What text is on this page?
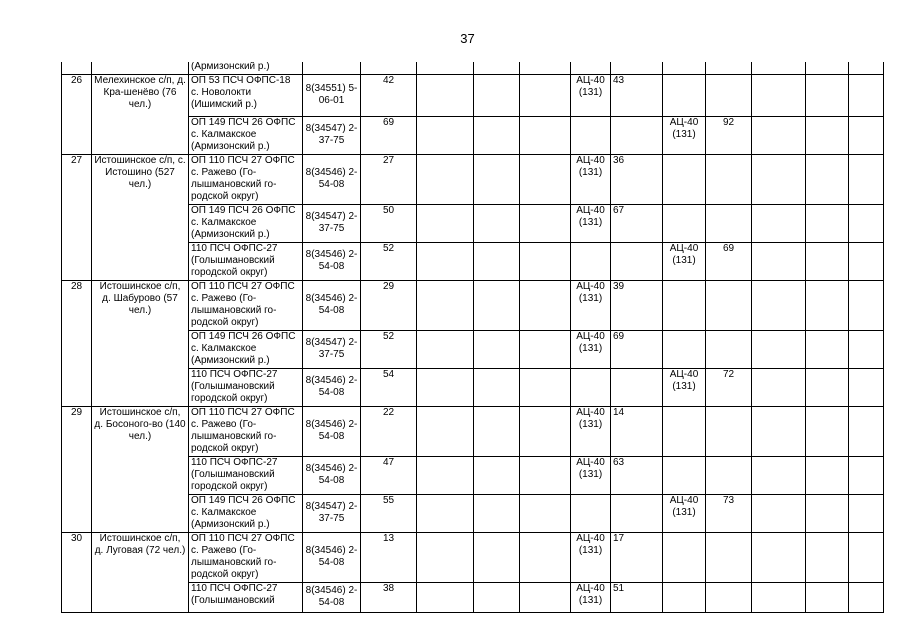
37
		(Армизонский р.)												
26	Мелехинское с/п, д. Кра-шенёво (76 чел.)	ОП 53 ПСЧ ОФПС-18 с. Новолокти (Ишимский р.)	8(34551) 5-06-01	42				АЦ-40 (131)	43					
		ОП 149 ПСЧ 26 ОФПС с. Калмакское (Армизонский р.)	8(34547) 2-37-75	69						АЦ-40 (131)	92			
27	Истошинское с/п, с. Истошино (527 чел.)	ОП 110 ПСЧ 27 ОФПС с. Ражево (Го-лышмановский го-родской округ)	8(34546) 2-54-08	27				АЦ-40 (131)	36					
		ОП 149 ПСЧ 26 ОФПС с. Калмакское (Армизонский р.)	8(34547) 2-37-75	50				АЦ-40 (131)	67					
		110 ПСЧ ОФПС-27 (Голышмановский городской округ)	8(34546) 2-54-08	52						АЦ-40 (131)	69			
28	Истошинское с/п, д. Шабурово (57 чел.)	ОП 110 ПСЧ 27 ОФПС с. Ражево (Го-лышмановский го-родской округ)	8(34546) 2-54-08	29				АЦ-40 (131)	39					
		ОП 149 ПСЧ 26 ОФПС с. Калмакское (Армизонский р.)	8(34547) 2-37-75	52				АЦ-40 (131)	69					
		110 ПСЧ ОФПС-27 (Голышмановский городской округ)	8(34546) 2-54-08	54						АЦ-40 (131)	72			
29	Истошинское с/п, д. Босоного-во (140 чел.)	ОП 110 ПСЧ 27 ОФПС с. Ражево (Го-лышмановский го-родской округ)	8(34546) 2-54-08	22				АЦ-40 (131)	14					
		110 ПСЧ ОФПС-27 (Голышмановский городской округ)	8(34546) 2-54-08	47				АЦ-40 (131)	63					
		ОП 149 ПСЧ 26 ОФПС с. Калмакское (Армизонский р.)	8(34547) 2-37-75	55						АЦ-40 (131)	73			
30	Истошинское с/п, д. Луговая (72 чел.)	ОП 110 ПСЧ 27 ОФПС с. Ражево (Го-лышмановский го-родской округ)	8(34546) 2-54-08	13				АЦ-40 (131)	17					
		110 ПСЧ ОФПС-27 (Голышмановский	8(34546) 2-54-08	38				АЦ-40 (131)	51					
